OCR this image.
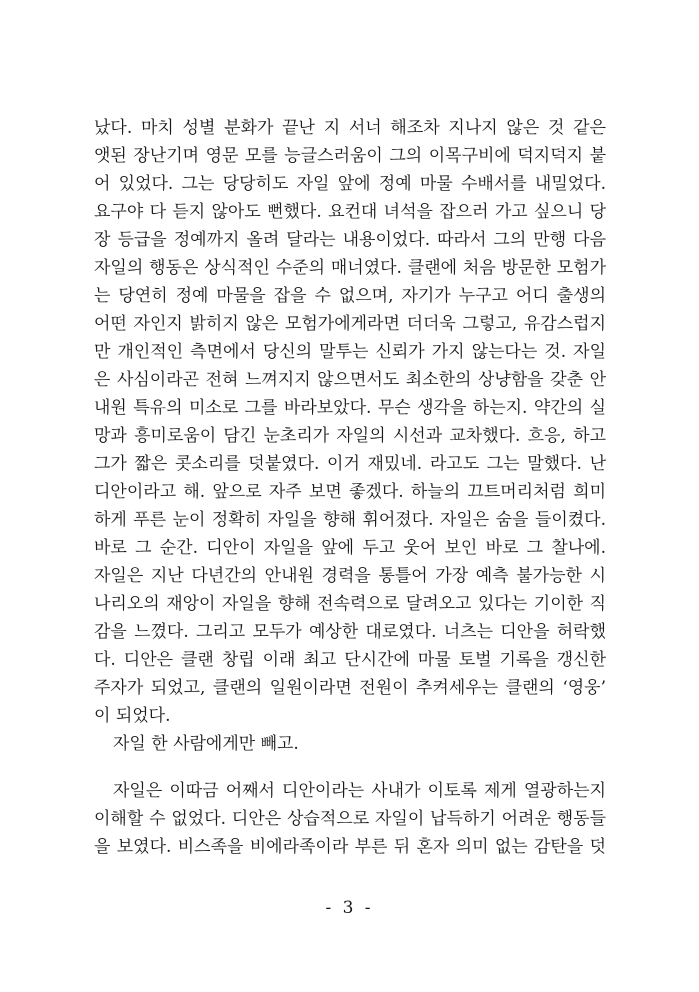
났다. 마치 성별 분화가 끝난 지 서너 해조차 지나지 않은 것 같은
앳된 장난기며 영문 모를 능글스러움이 그의 이목구비에 덕지덕지 붙
어 있었다. 그는 당당히도 자일 앞에 정예 마물 수배서를 내밀었다.
요구야 다 듣지 않아도 뻔했다. 요컨대 녀석을 잡으러 가고 싶으니 당
장 등급을 정예까지 올려 달라는 내용이었다. 따라서 그의 만행 다음
자일의 행동은 상식적인 수준의 매너였다. 클랜에 처음 방문한 모험가
는 당연히 정예 마물을 잡을 수 없으며, 자기가 누구고 어디 출생의
어떤 자인지 밝히지 않은 모험가에게라면 더더욱 그렇고, 유감스럽지
만 개인적인 측면에서 당신의 말투는 신뢰가 가지 않는다는 것. 자일
은 사심이라곤 전혀 느껴지지 않으면서도 최소한의 상냥함을 갖춘 안
내원 특유의 미소로 그를 바라보았다. 무슨 생각을 하는지. 약간의 실
망과 흥미로움이 담긴 눈초리가 자일의 시선과 교차했다. 흐응, 하고
그가 짧은 콧소리를 덧붙였다. 이거 재밌네. 라고도 그는 말했다. 난
디안이라고 해. 앞으로 자주 보면 좋겠다. 하늘의 끄트머리처럼 희미
하게 푸른 눈이 정확히 자일을 향해 휘어졌다. 자일은 숨을 들이켰다.
바로 그 순간. 디안이 자일을 앞에 두고 웃어 보인 바로 그 찰나에.
자일은 지난 다년간의 안내원 경력을 통틀어 가장 예측 불가능한 시
나리오의 재앙이 자일을 향해 전속력으로 달려오고 있다는 기이한 직
감을 느꼈다. 그리고 모두가 예상한 대로였다. 너츠는 디안을 허락했
다. 디안은 클랜 창립 이래 최고 단시간에 마물 토벌 기록을 갱신한
주자가 되었고, 클랜의 일원이라면 전원이 추켜세우는 클랜의 ‘영웅’
이 되었다.
자일 한 사람에게만 빼고.
자일은 이따금 어째서 디안이라는 사내가 이토록 제게 열광하는지
이해할 수 없었다. 디안은 상습적으로 자일이 납득하기 어려운 행동들
을 보였다. 비스족을 비에라족이라 부른 뒤 혼자 의미 없는 감탄을 덧
- 3 -
